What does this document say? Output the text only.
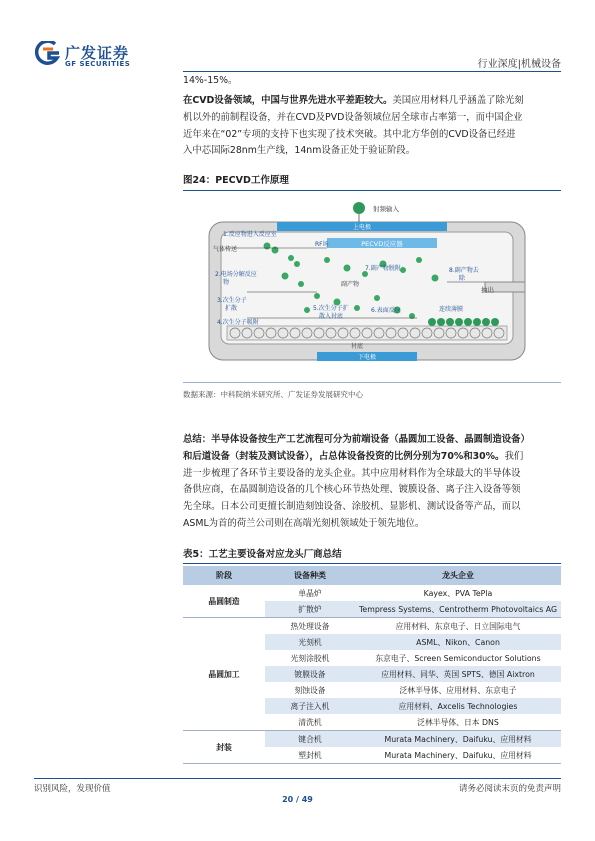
广发证券
GF SECURITIES	行业深度|机械设备
14%-15%。
在CVD设备领域，中国与世界先进水平差距较大。美国应用材料几乎涵盖了除光刻
机以外的前制程设备，并在CVD及PVD设备领域位居全球市占率第一，而中国企业
近年来在“02”专项的支持下也实现了技术突破。其中北方华创的CVD设备已经进
入中芯国际28nm生产线，14nm设备正处于验证阶段。
图24：PECVD工作原理
上电极
PECVD反应器
下电极
射频输入
抽出
1.反应物进入反应室
气体传送
RF场
2.电场分解反应
物
7.副产物脱附	8.副产物去
除
副产物
3.次生分子
扩散	5.次生分子扩
散入衬底
6.表面反应	连续薄膜
4.次生分子吸附
衬底
数据来源：中科院纳米研究所、广发证券发展研究中心
总结：半导体设备按生产工艺流程可分为前端设备（晶圆加工设备、晶圆制造设备）
和后道设备（封装及测试设备），占总体设备投资的比例分别为70%和30%。我们
进一步梳理了各环节主要设备的龙头企业。其中应用材料作为全球最大的半导体设
备供应商，在晶圆制造设备的几个核心环节热处理、镀膜设备、离子注入设备等领
先全球。日本公司更擅长制造刻蚀设备、涂胶机、显影机、测试设备等产品，而以
ASML为首的荷兰公司则在高端光刻机领域处于领先地位。
表5：工艺主要设备对应龙头厂商总结
阶段	设备种类	龙头企业
晶圆制造	单晶炉	Kayex、PVA TePla
	扩散炉	Tempress Systems、Centrotherm Photovoltaics AG
晶圆加工	热处理设备	应用材料、东京电子、日立国际电气
	光刻机	ASML、Nikon、Canon
	光刻涂胶机	东京电子、Screen Semiconductor Solutions
	镀膜设备	应用材料、同华、英国 SPTS、德国 Aixtron
	刻蚀设备	泛林半导体、应用材料、东京电子
	离子注入机	应用材料、Axcelis Technologies
	清洗机	泛林半导体、日本 DNS
封装	键合机	Murata Machinery、Daifuku、应用材料
	塑封机	Murata Machinery、Daifuku、应用材料
识别风险，发现价值	请务必阅读末页的免责声明
20 / 49
